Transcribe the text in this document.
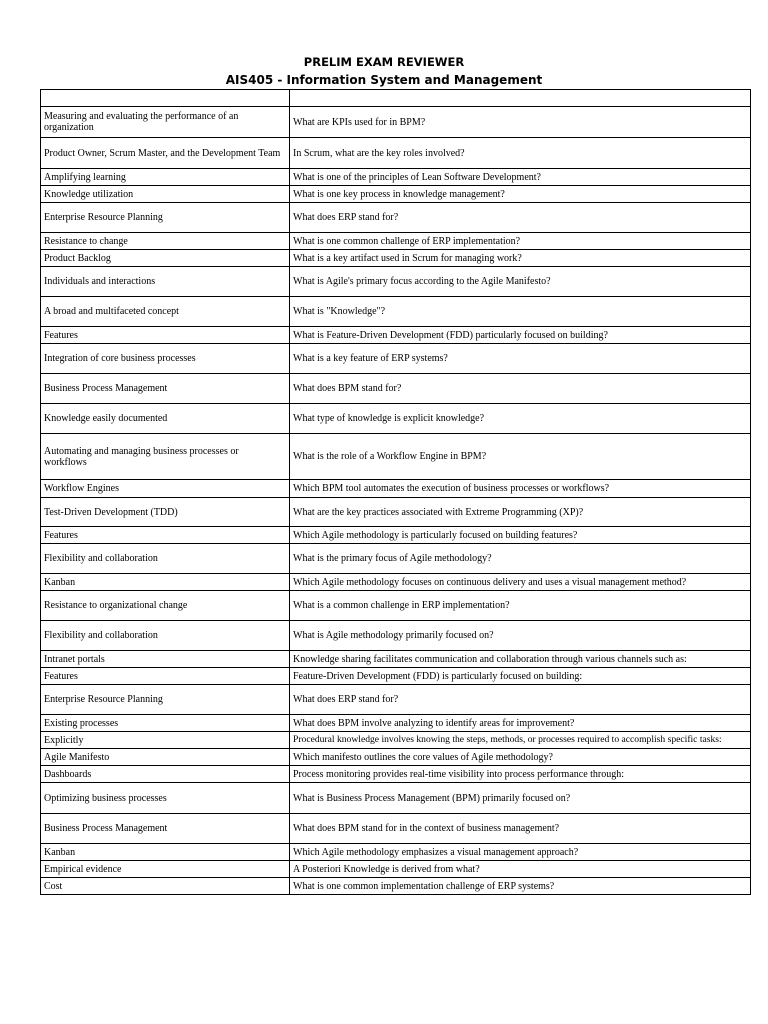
PRELIM EXAM REVIEWER
AIS405 - Information System and Management

Measuring and evaluating the performance of an organization	What are KPIs used for in BPM?
Product Owner, Scrum Master, and the Development Team	In Scrum, what are the key roles involved?
Amplifying learning	What is one of the principles of Lean Software Development?
Knowledge utilization	What is one key process in knowledge management?
Enterprise Resource Planning	What does ERP stand for?
Resistance to change	What is one common challenge of ERP implementation?
Product Backlog	What is a key artifact used in Scrum for managing work?
Individuals and interactions	What is Agile's primary focus according to the Agile Manifesto?
A broad and multifaceted concept	What is "Knowledge"?
Features	What is Feature-Driven Development (FDD) particularly focused on building?
Integration of core business processes	What is a key feature of ERP systems?
Business Process Management	What does BPM stand for?
Knowledge easily documented	What type of knowledge is explicit knowledge?
Automating and managing business processes or workflows	What is the role of a Workflow Engine in BPM?
Workflow Engines	Which BPM tool automates the execution of business processes or workflows?
Test-Driven Development (TDD)	What are the key practices associated with Extreme Programming (XP)?
Features	Which Agile methodology is particularly focused on building features?
Flexibility and collaboration	What is the primary focus of Agile methodology?
Kanban	Which Agile methodology focuses on continuous delivery and uses a visual management method?
Resistance to organizational change	What is a common challenge in ERP implementation?
Flexibility and collaboration	What is Agile methodology primarily focused on?
Intranet portals	Knowledge sharing facilitates communication and collaboration through various channels such as:
Features	Feature-Driven Development (FDD) is particularly focused on building:
Enterprise Resource Planning	What does ERP stand for?
Existing processes	What does BPM involve analyzing to identify areas for improvement?
Explicitly	Procedural knowledge involves knowing the steps, methods, or processes required to accomplish specific tasks:
Agile Manifesto	Which manifesto outlines the core values of Agile methodology?
Dashboards	Process monitoring provides real-time visibility into process performance through:
Optimizing business processes	What is Business Process Management (BPM) primarily focused on?
Business Process Management	What does BPM stand for in the context of business management?
Kanban	Which Agile methodology emphasizes a visual management approach?
Empirical evidence	A Posteriori Knowledge is derived from what?
Cost	What is one common implementation challenge of ERP systems?
